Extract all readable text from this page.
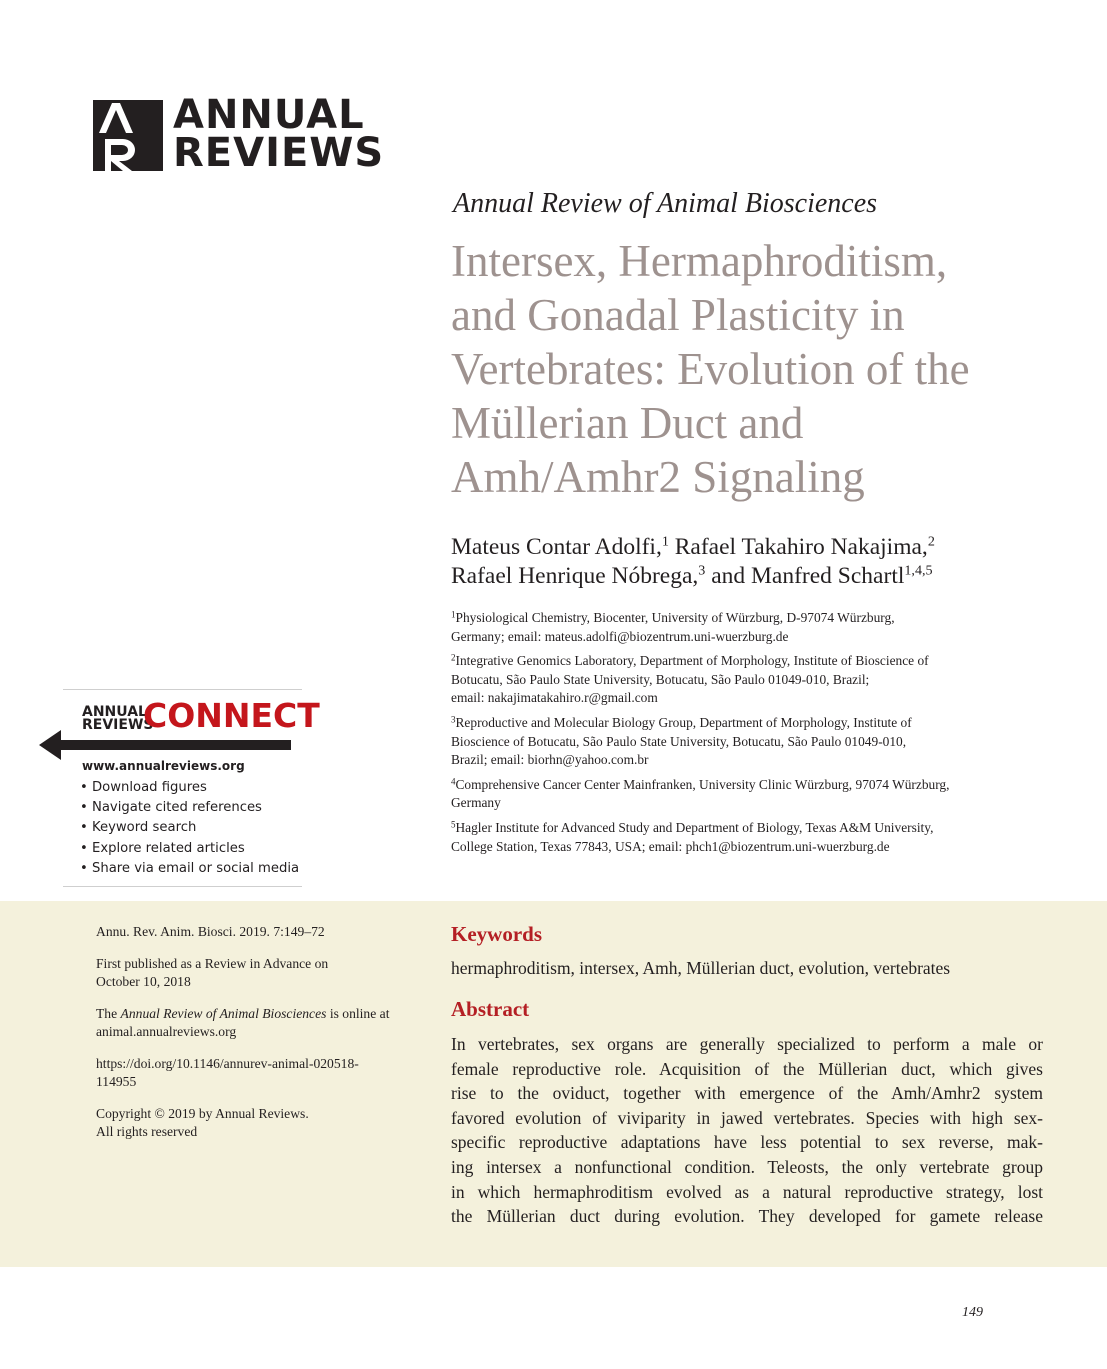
ANNUAL
REVIEWS
Annual Review of Animal Biosciences
Intersex, Hermaphroditism,
and Gonadal Plasticity in
Vertebrates: Evolution of the
Müllerian Duct and
Amh/Amhr2 Signaling
Mateus Contar Adolfi,$^1$ Rafael Takahiro Nakajima,$^2$
Rafael Henrique Nóbrega,$^3$ and Manfred Schartl$^{1,4,5}$
$^1$Physiological Chemistry, Biocenter, University of Würzburg, D-97074 Würzburg,
Germany; email: mateus.adolfi@biozentrum.uni-wuerzburg.de
$^2$Integrative Genomics Laboratory, Department of Morphology, Institute of Bioscience of
Botucatu, São Paulo State University, Botucatu, São Paulo 01049-010, Brazil;
email: nakajimatakahiro.r@gmail.com
$^3$Reproductive and Molecular Biology Group, Department of Morphology, Institute of
Bioscience of Botucatu, São Paulo State University, Botucatu, São Paulo 01049-010,
Brazil; email: biorhn@yahoo.com.br
$^4$Comprehensive Cancer Center Mainfranken, University Clinic Würzburg, 97074 Würzburg,
Germany
$^5$Hagler Institute for Advanced Study and Department of Biology, Texas A&M University,
College Station, Texas 77843, USA; email: phch1@biozentrum.uni-wuerzburg.de
ANNUAL
REVIEWS
CONNECT
www.annualreviews.org
• Download figures
• Navigate cited references
• Keyword search
• Explore related articles
• Share via email or social media

Annu. Rev. Anim. Biosci. 2019. 7:149–72

First published as a Review in Advance on
October 10, 2018

The Annual Review of Animal Biosciences is online at
animal.annualreviews.org

https://doi.org/10.1146/annurev-animal-020518-
114955

Copyright © 2019 by Annual Reviews.
All rights reserved

Keywords
hermaphroditism, intersex, Amh, Müllerian duct, evolution, vertebrates
Abstract
In vertebrates, sex organs are generally specialized to perform a male or
female reproductive role. Acquisition of the Müllerian duct, which gives
rise to the oviduct, together with emergence of the Amh/Amhr2 system
favored evolution of viviparity in jawed vertebrates. Species with high sex-
specific reproductive adaptations have less potential to sex reverse, mak-
ing intersex a nonfunctional condition. Teleosts, the only vertebrate group
in which hermaphroditism evolved as a natural reproductive strategy, lost
the Müllerian duct during evolution. They developed for gamete release
149
